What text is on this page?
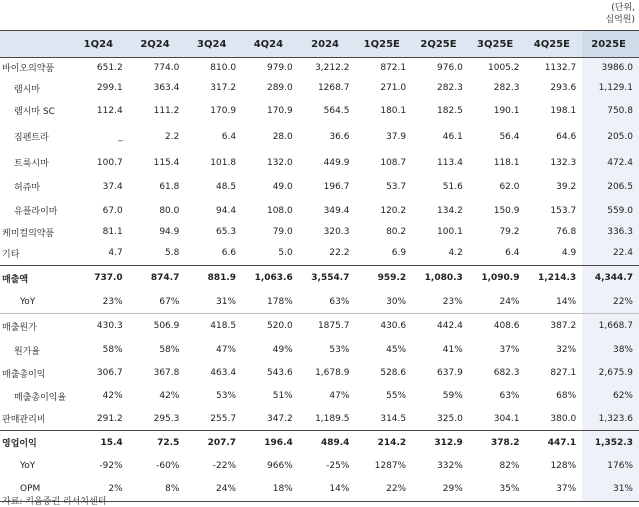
(단위,
십억원)
	1Q24	2Q24	3Q24	4Q24	2024	1Q25E	2Q25E	3Q25E	4Q25E	2025E
바이오의약품	651.2	774.0	810.0	979.0	3,212.2	872.1	976.0	1005.2	1132.7	3986.0
램시마	299.1	363.4	317.2	289.0	1268.7	271.0	282.3	282.3	293.6	1,129.1
램시마 SC	112.4	111.2	170.9	170.9	564.5	180.1	182.5	190.1	198.1	750.8
짐펜트라	_	2.2	6.4	28.0	36.6	37.9	46.1	56.4	64.6	205.0
트룩시마	100.7	115.4	101.8	132.0	449.9	108.7	113.4	118.1	132.3	472.4
허쥬마	37.4	61.8	48.5	49.0	196.7	53.7	51.6	62.0	39.2	206.5
유플라이마	67.0	80.0	94.4	108.0	349.4	120.2	134.2	150.9	153.7	559.0
케미컬의약품	81.1	94.9	65.3	79.0	320.3	80.2	100.1	79.2	76.8	336.3
기타	4.7	5.8	6.6	5.0	22.2	6.9	4.2	6.4	4.9	22.4
매출액	737.0	874.7	881.9	1,063.6	3,554.7	959.2	1,080.3	1,090.9	1,214.3	4,344.7
YoY	23%	67%	31%	178%	63%	30%	23%	24%	14%	22%
매출원가	430.3	506.9	418.5	520.0	1875.7	430.6	442.4	408.6	387.2	1,668.7
원가율	58%	58%	47%	49%	53%	45%	41%	37%	32%	38%
매출총이익	306.7	367.8	463.4	543.6	1,678.9	528.6	637.9	682.3	827.1	2,675.9
매출총이익율	42%	42%	53%	51%	47%	55%	59%	63%	68%	62%
판매관리비	291.2	295.3	255.7	347.2	1,189.5	314.5	325.0	304.1	380.0	1,323.6
영업이익	15.4	72.5	207.7	196.4	489.4	214.2	312.9	378.2	447.1	1,352.3
YoY	-92%	-60%	-22%	966%	-25%	1287%	332%	82%	128%	176%
OPM	2%	8%	24%	18%	14%	22%	29%	35%	37%	31%
자료: 키움증권 리서치센터
